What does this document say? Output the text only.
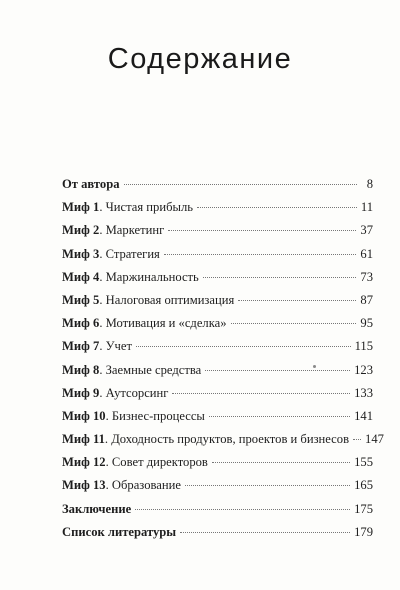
Содержание
От автора	8
Миф 1. Чистая прибыль	11
Миф 2. Маркетинг	37
Миф 3. Стратегия	61
Миф 4. Маржинальность	73
Миф 5. Налоговая оптимизация	87
Миф 6. Мотивация и «сделка»	95
Миф 7. Учет	115
Миф 8. Заемные средства	123
Миф 9. Аутсорсинг	133
Миф 10. Бизнес-процессы	141
Миф 11. Доходность продуктов, проектов и бизнесов 147
Миф 12. Совет директоров	155
Миф 13. Образование	165
Заключение	175
Список литературы	179
